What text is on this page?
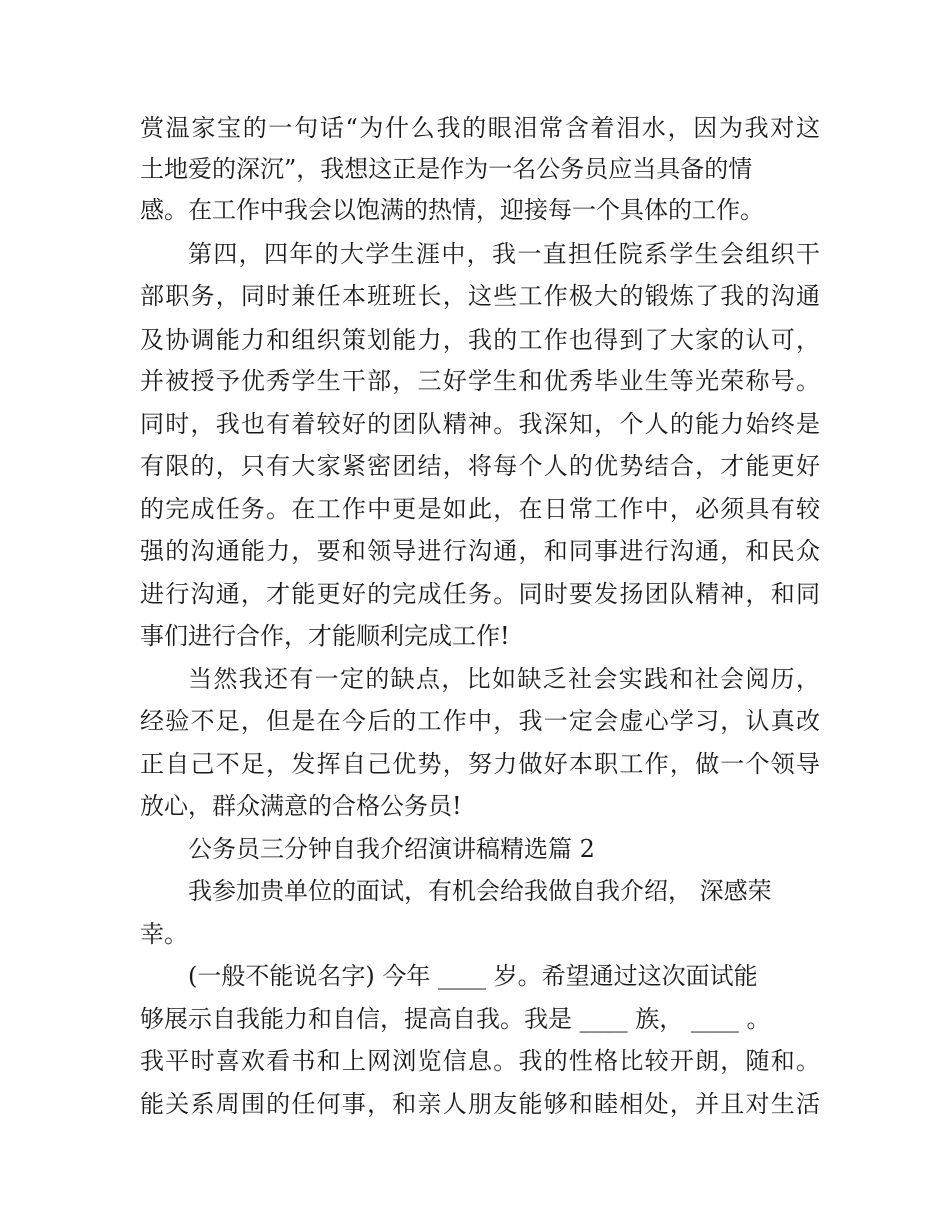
赏温家宝的一句话“为什么我的眼泪常含着泪水，因为我对这
土地爱的深沉”，我想这正是作为一名公务员应当具备的情
感。在工作中我会以饱满的热情，迎接每一个具体的工作。
第四，四年的大学生涯中，我一直担任院系学生会组织干
部职务，同时兼任本班班长，这些工作极大的锻炼了我的沟通
及协调能力和组织策划能力，我的工作也得到了大家的认可，
并被授予优秀学生干部，三好学生和优秀毕业生等光荣称号。
同时，我也有着较好的团队精神。我深知，个人的能力始终是
有限的，只有大家紧密团结，将每个人的优势结合，才能更好
的完成任务。在工作中更是如此，在日常工作中，必须具有较
强的沟通能力，要和领导进行沟通，和同事进行沟通，和民众
进行沟通，才能更好的完成任务。同时要发扬团队精神，和同
事们进行合作，才能顺利完成工作!
当然我还有一定的缺点，比如缺乏社会实践和社会阅历，
经验不足，但是在今后的工作中，我一定会虚心学习，认真改
正自己不足，发挥自己优势，努力做好本职工作，做一个领导
放心，群众满意的合格公务员!
公务员三分钟自我介绍演讲稿精选篇 2
我参加贵单位的面试，有机会给我做自我介绍， 深感荣
幸。
(一般不能说名字) 今年 ____ 岁。希望通过这次面试能
够展示自我能力和自信，提高自我。我是 ____ 族， ____ 。
我平时喜欢看书和上网浏览信息。我的性格比较开朗，随和。
能关系周围的任何事，和亲人朋友能够和睦相处，并且对生活
